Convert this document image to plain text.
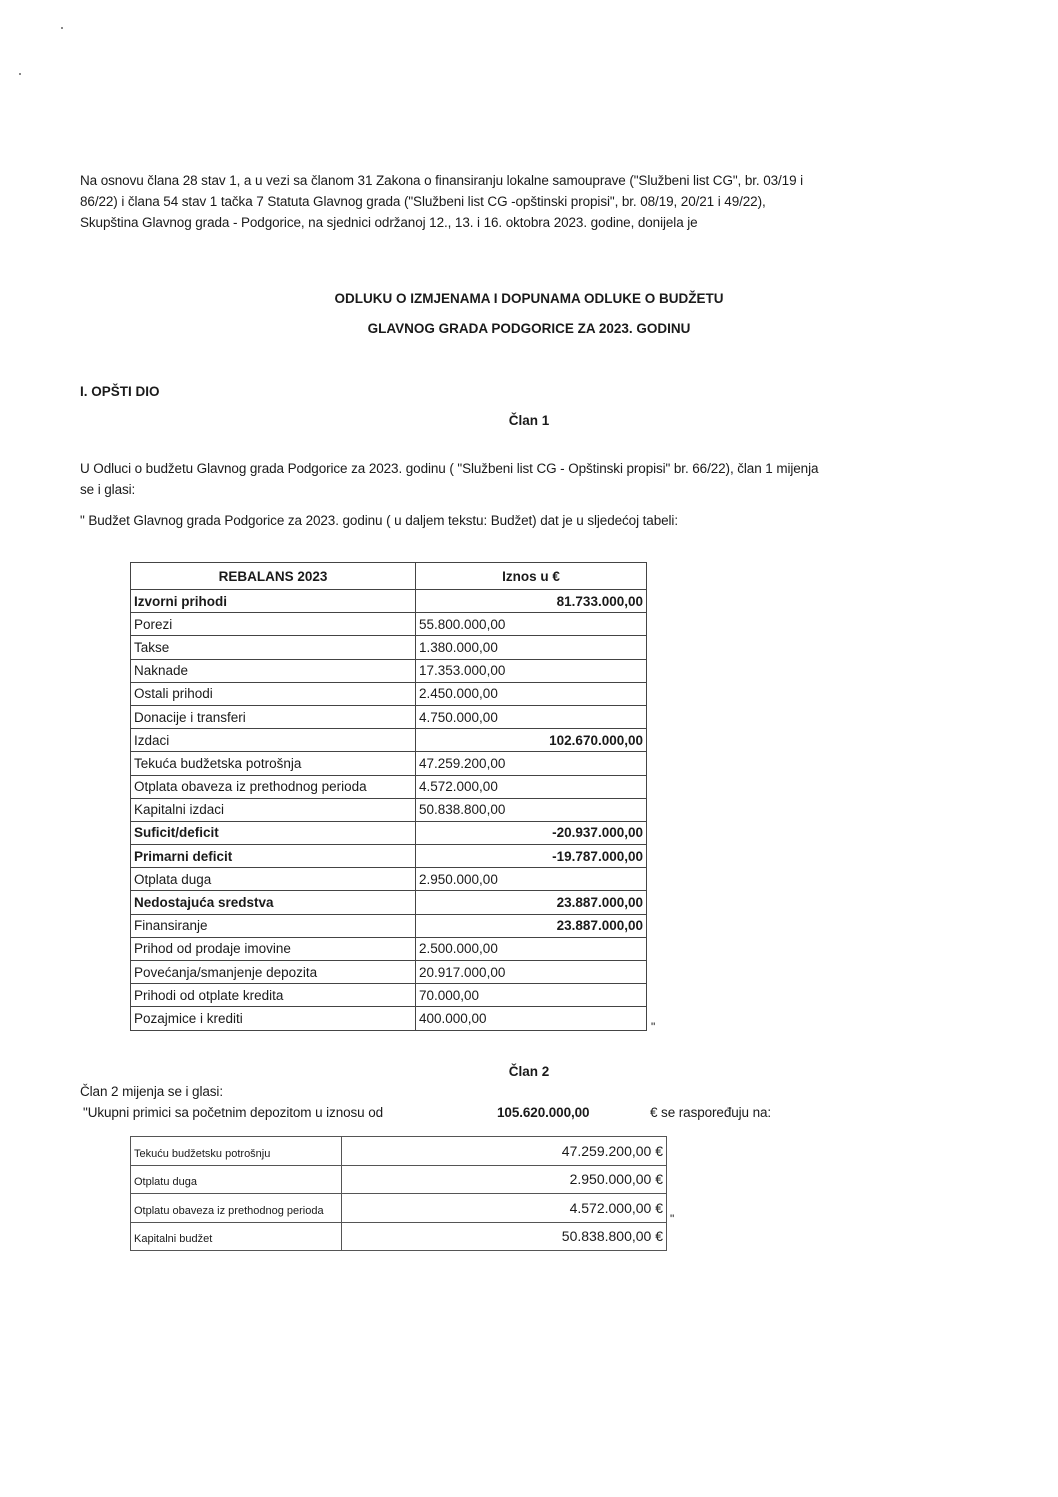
Na osnovu člana 28 stav 1, a u vezi sa članom 31 Zakona o finansiranju lokalne samouprave ("Službeni list CG", br. 03/19 i
86/22) i člana 54 stav 1 tačka 7 Statuta Glavnog grada ("Službeni list CG -opštinski propisi", br. 08/19, 20/21 i 49/22),
Skupština Glavnog grada - Podgorice, na sjednici održanoj 12., 13. i 16. oktobra 2023. godine, donijela je
ODLUKU O IZMJENAMA I DOPUNAMA ODLUKE O BUDŽETU
GLAVNOG GRADA PODGORICE ZA 2023. GODINU
I. OPŠTI DIO
Član 1
U Odluci o budžetu Glavnog grada Podgorice za 2023. godinu ( "Službeni list CG - Opštinski propisi" br. 66/22), član 1 mijenja
se i glasi:
" Budžet Glavnog grada Podgorice za 2023. godinu ( u daljem tekstu: Budžet) dat je u sljedećoj tabeli:
REBALANS 2023	Iznos u €
Izvorni prihodi	81.733.000,00
Porezi	55.800.000,00
Takse	1.380.000,00
Naknade	17.353.000,00
Ostali prihodi	2.450.000,00
Donacije i transferi	4.750.000,00
Izdaci	102.670.000,00
Tekuća budžetska potrošnja	47.259.200,00
Otplata obaveza iz prethodnog perioda	4.572.000,00
Kapitalni izdaci	50.838.800,00
Suficit/deficit	-20.937.000,00
Primarni deficit	-19.787.000,00
Otplata duga	2.950.000,00
Nedostajuća sredstva	23.887.000,00
Finansiranje	23.887.000,00
Prihod od prodaje imovine	2.500.000,00
Povećanja/smanjenje depozita	20.917.000,00
Prihodi od otplate kredita	70.000,00
Pozajmice i krediti	400.000,00
"
Član 2
Član 2 mijenja se i glasi:
"Ukupni primici sa početnim depozitom u iznosu od	105.620.000,00	€ se raspoređuju na:
Tekuću budžetsku potrošnju	47.259.200,00 €
Otplatu duga	2.950.000,00 €
Otplatu obaveza iz prethodnog perioda	4.572.000,00 €
Kapitalni budžet	50.838.800,00 €
"
